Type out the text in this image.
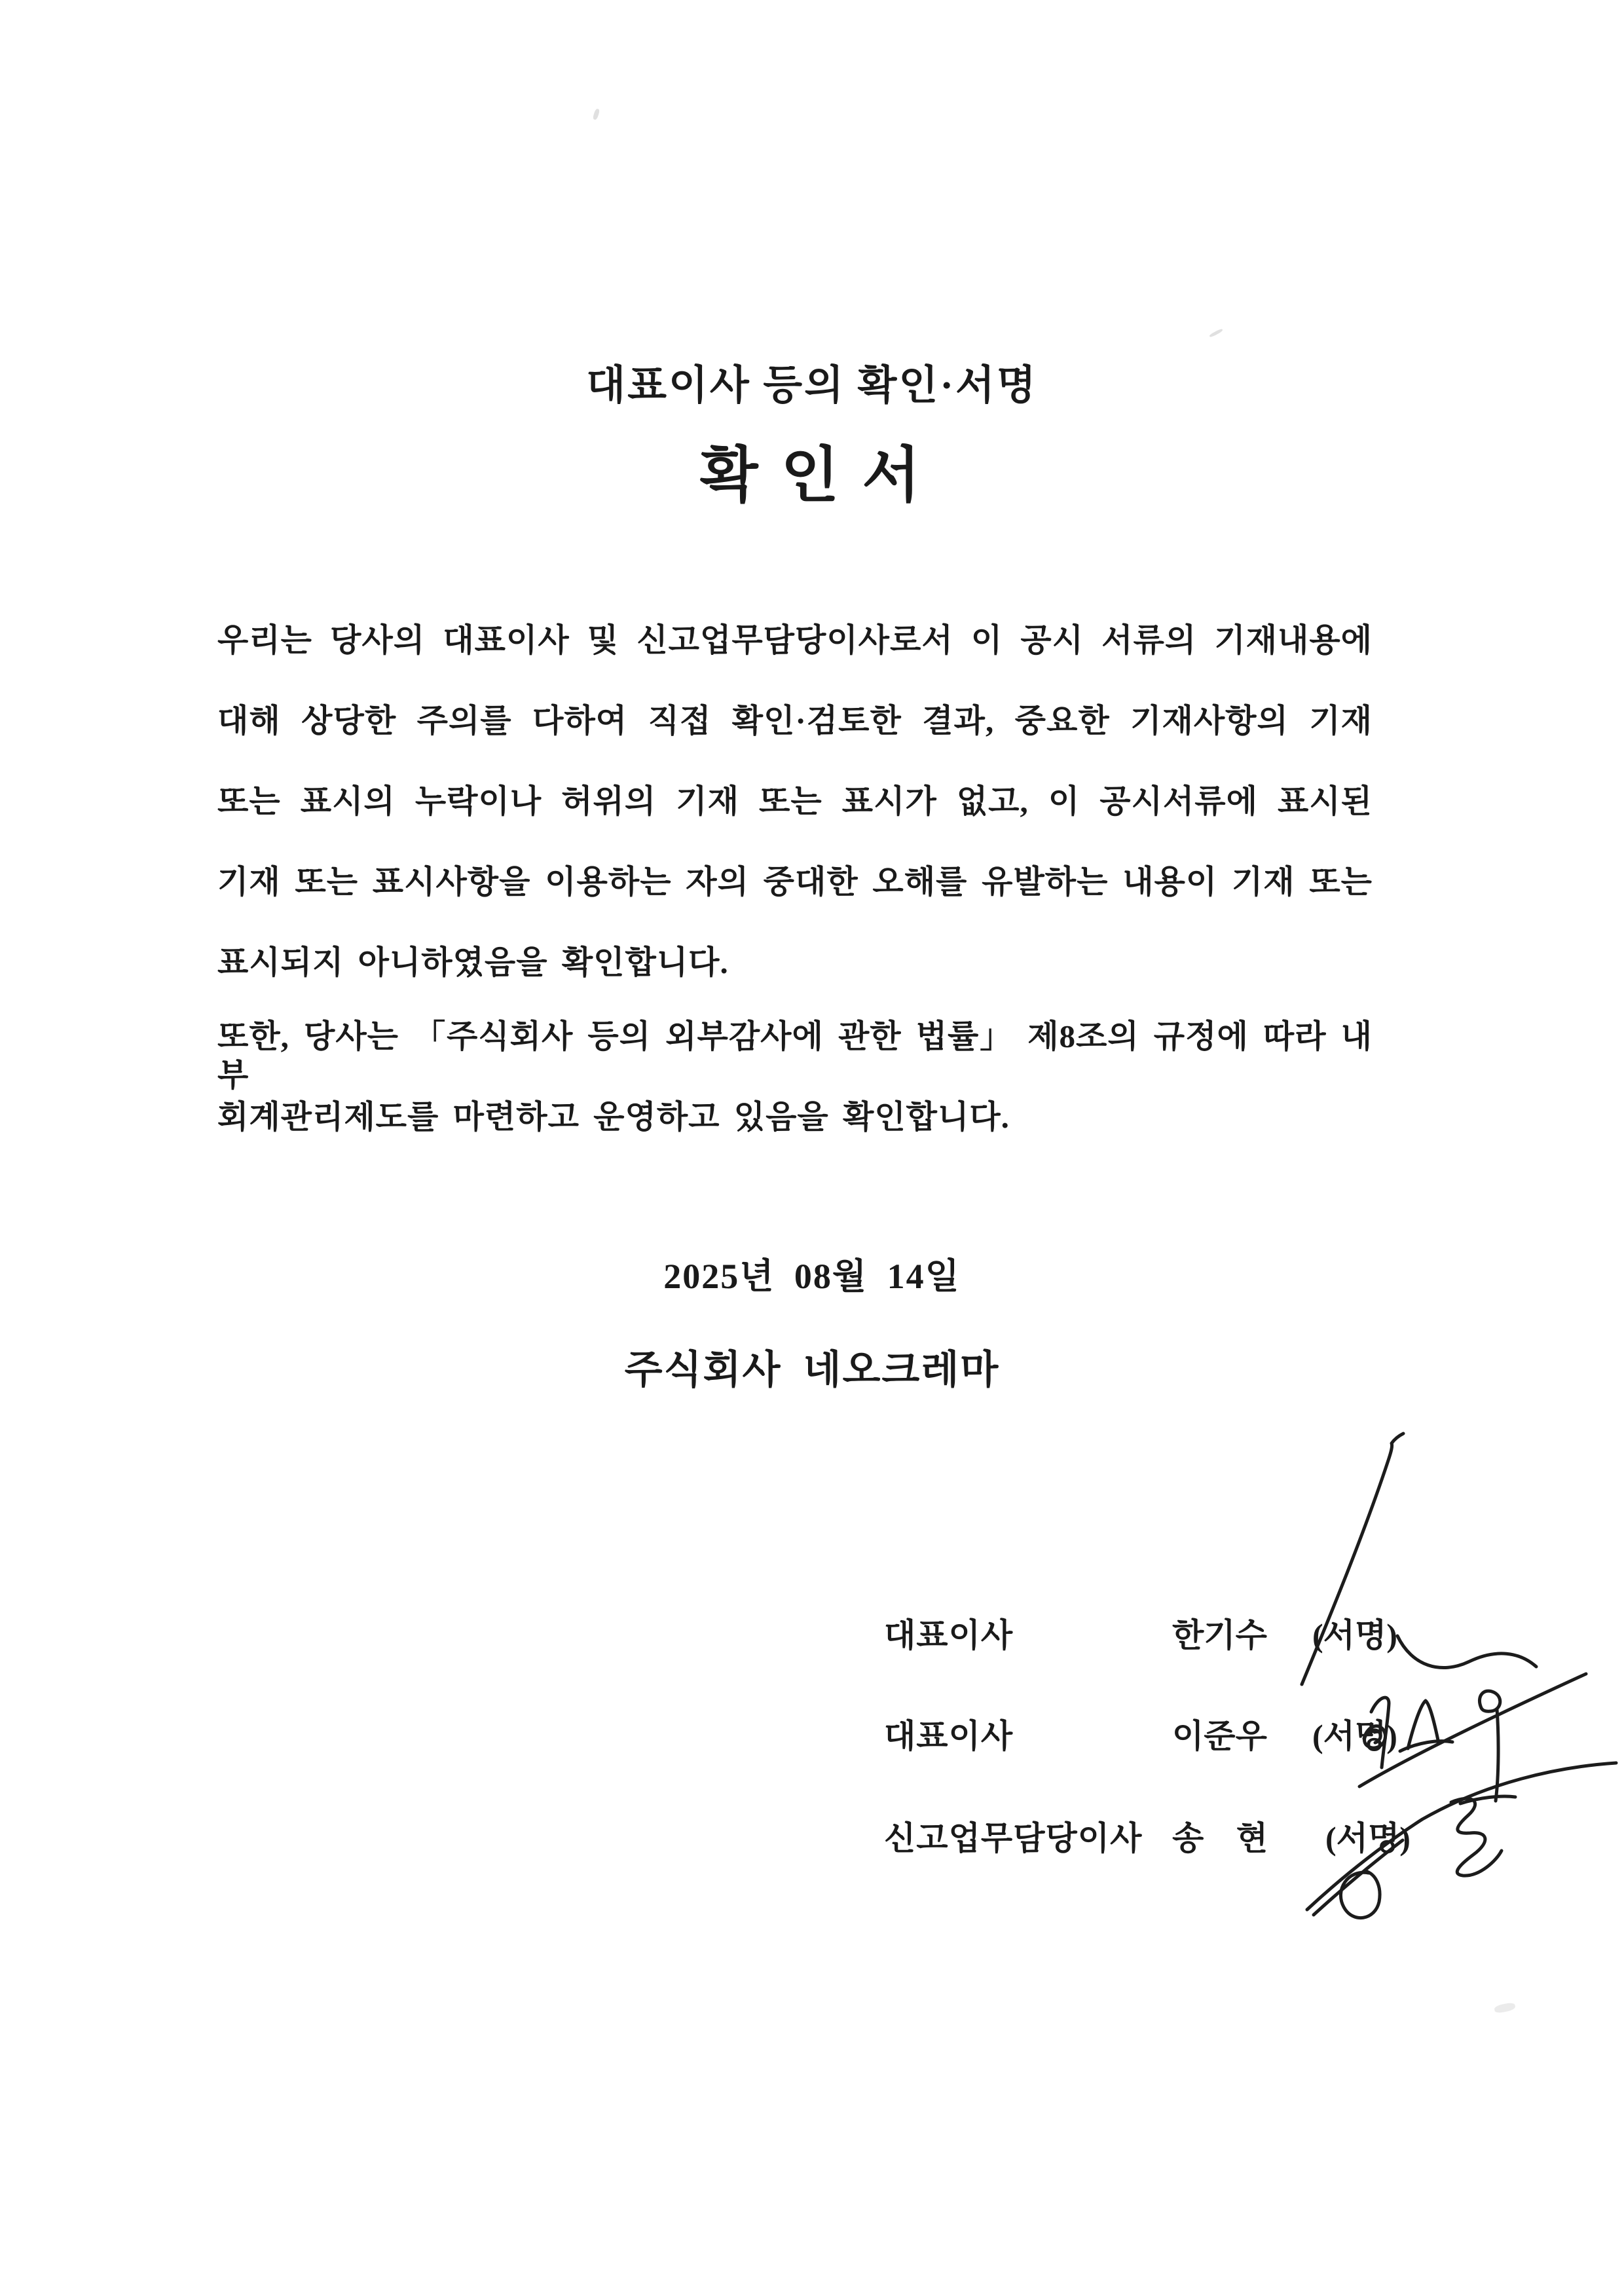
대표이사 등의 확인·서명
확 인 서
우리는 당사의 대표이사 및 신고업무담당이사로서 이 공시 서류의 기재내용에
대해 상당한 주의를 다하여 직접 확인·검토한 결과, 중요한 기재사항의 기재
또는 표시의 누락이나 허위의 기재 또는 표시가 없고, 이 공시서류에 표시된
기재 또는 표시사항을 이용하는 자의 중대한 오해를 유발하는 내용이 기재 또는
표시되지 아니하였음을 확인합니다.
또한, 당사는 「주식회사 등의 외부감사에 관한 법률」 제8조의 규정에 따라 내부
회계관리제도를 마련하고 운영하고 있음을 확인합니다.
2025년 08월 14일
주식회사 네오크레마
대표이사	한기수 (서명)
대표이사	이준우 (서명)
신고업무담당이사 송 현 (서명)
